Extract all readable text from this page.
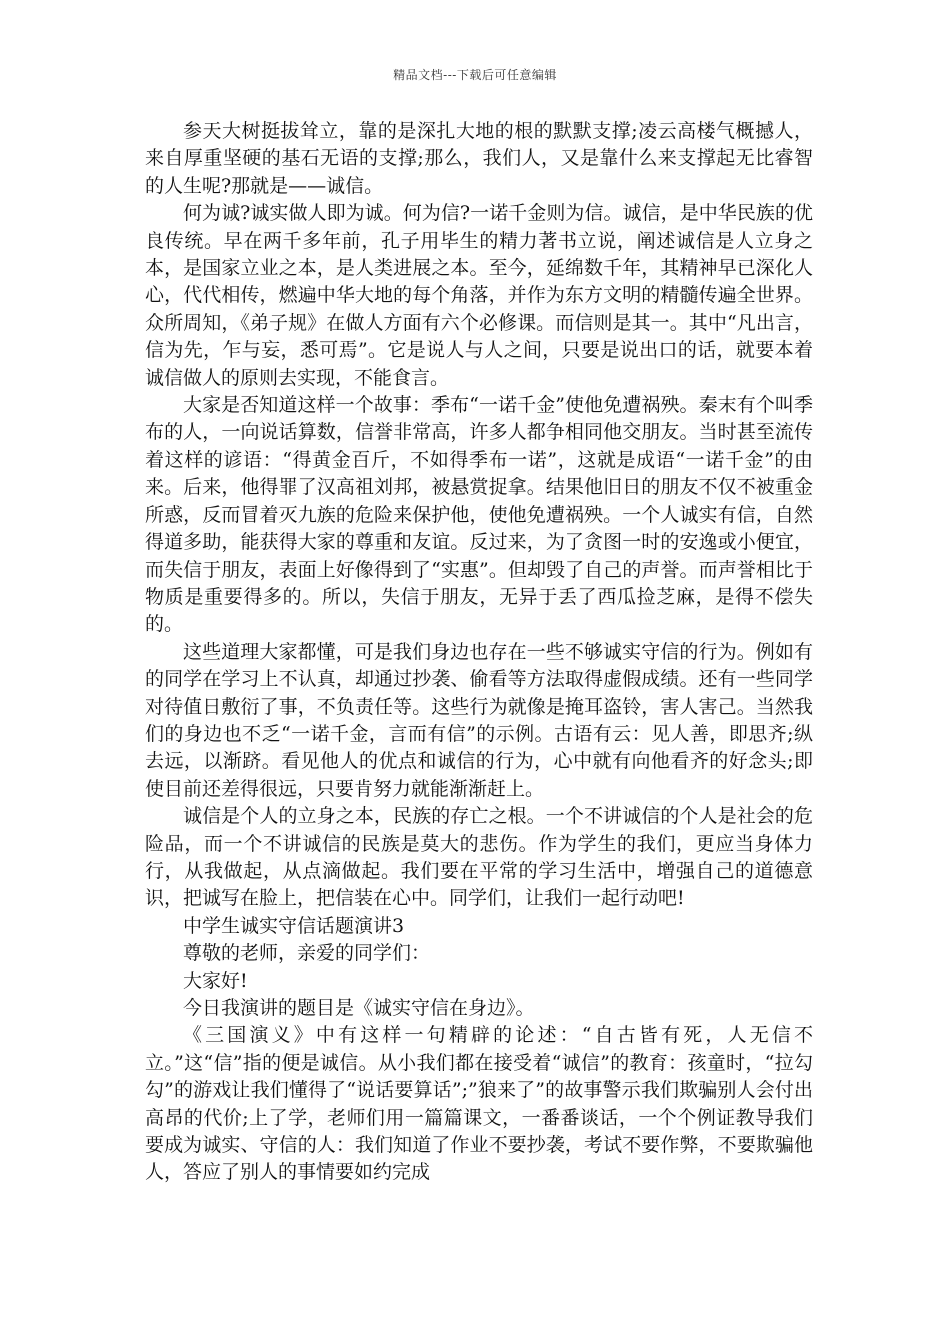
精品文档---下载后可任意编辑

参天大树挺拔耸立，靠的是深扎大地的根的默默支撑;凌云高楼气概撼人，来自厚重坚硬的基石无语的支撑;那么，我们人，又是靠什么来支撑起无比睿智的人生呢?那就是——诚信。

何为诚?诚实做人即为诚。何为信?一诺千金则为信。诚信，是中华民族的优良传统。早在两千多年前，孔子用毕生的精力著书立说，阐述诚信是人立身之本，是国家立业之本，是人类进展之本。至今，延绵数千年，其精神早已深化人心，代代相传，燃遍中华大地的每个角落，并作为东方文明的精髓传遍全世界。众所周知，《弟子规》在做人方面有六个必修课。而信则是其一。其中“凡出言，信为先，乍与妄，悉可焉”。它是说人与人之间，只要是说出口的话，就要本着诚信做人的原则去实现，不能食言。

大家是否知道这样一个故事：季布“一诺千金”使他免遭祸殃。秦末有个叫季布的人，一向说话算数，信誉非常高，许多人都争相同他交朋友。当时甚至流传着这样的谚语：“得黄金百斤，不如得季布一诺”，这就是成语“一诺千金”的由来。后来，他得罪了汉高祖刘邦，被悬赏捉拿。结果他旧日的朋友不仅不被重金所惑，反而冒着灭九族的危险来保护他，使他免遭祸殃。一个人诚实有信，自然得道多助，能获得大家的尊重和友谊。反过来，为了贪图一时的安逸或小便宜，而失信于朋友，表面上好像得到了“实惠”。但却毁了自己的声誉。而声誉相比于物质是重要得多的。所以，失信于朋友，无异于丢了西瓜捡芝麻，是得不偿失的。

这些道理大家都懂，可是我们身边也存在一些不够诚实守信的行为。例如有的同学在学习上不认真，却通过抄袭、偷看等方法取得虚假成绩。还有一些同学对待值日敷衍了事，不负责任等。这些行为就像是掩耳盗铃，害人害己。当然我们的身边也不乏“一诺千金，言而有信”的示例。古语有云：见人善，即思齐;纵去远，以渐跻。看见他人的优点和诚信的行为，心中就有向他看齐的好念头;即使目前还差得很远，只要肯努力就能渐渐赶上。

诚信是个人的立身之本，民族的存亡之根。一个不讲诚信的个人是社会的危险品，而一个不讲诚信的民族是莫大的悲伤。作为学生的我们，更应当身体力行，从我做起，从点滴做起。我们要在平常的学习生活中，增强自己的道德意识，把诚写在脸上，把信装在心中。同学们，让我们一起行动吧!

中学生诚实守信话题演讲3

尊敬的老师，亲爱的同学们：

大家好!

今日我演讲的题目是《诚实守信在身边》。

《三国演义》中有这样一句精辟的论述：“自古皆有死，人无信不立。”这“信”指的便是诚信。从小我们都在接受着“诚信”的教育：孩童时，“拉勾勾”的游戏让我们懂得了“说话要算话”;”狼来了”的故事警示我们欺骗别人会付出高昂的代价;上了学，老师们用一篇篇课文，一番番谈话，一个个例证教导我们要成为诚实、守信的人：我们知道了作业不要抄袭，考试不要作弊，不要欺骗他人，答应了别人的事情要如约完成
